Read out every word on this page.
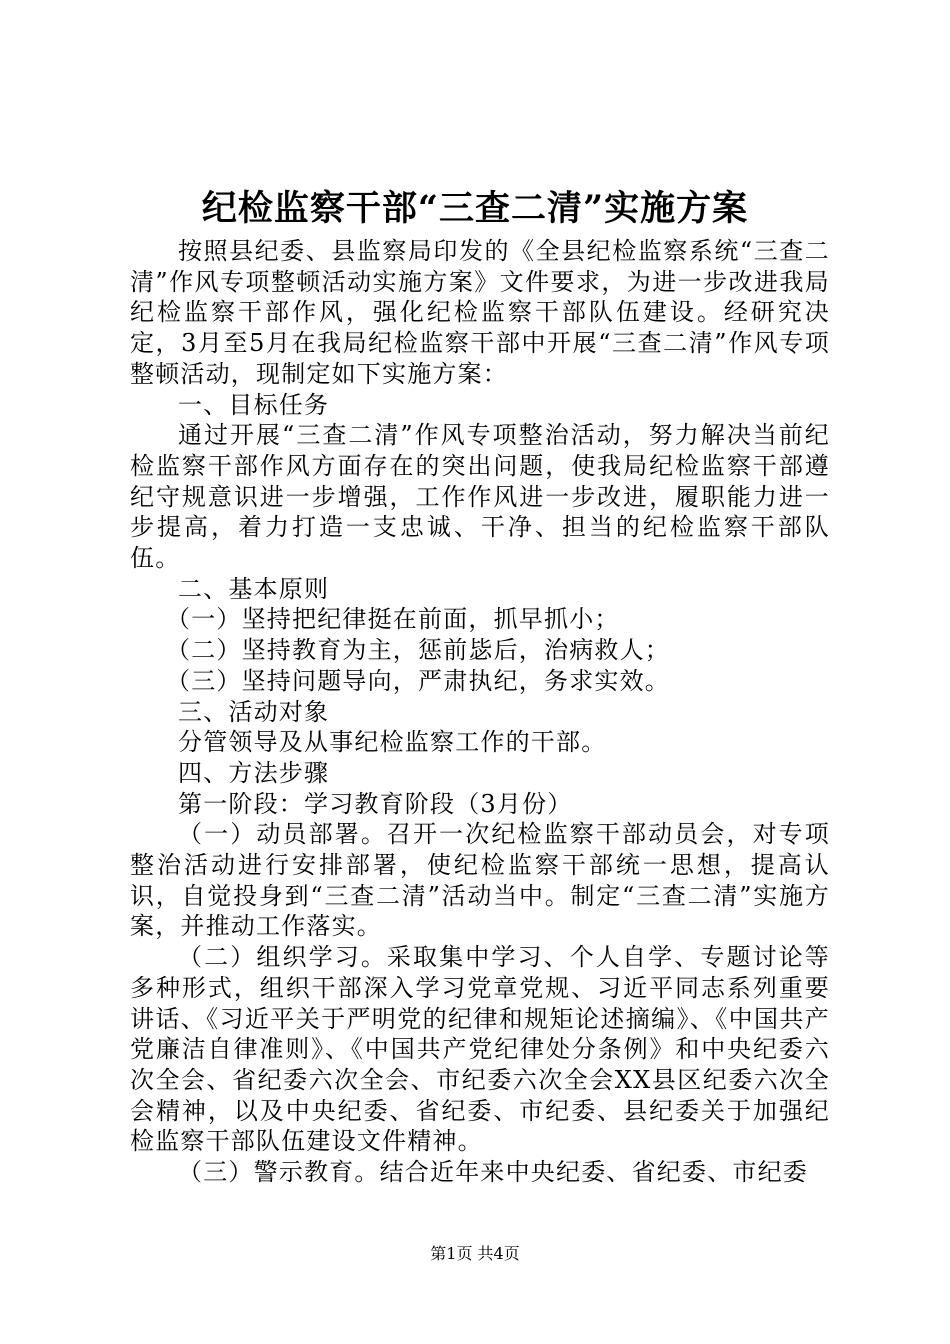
纪检监察干部“三查二清”实施方案

按照县纪委、县监察局印发的《全县纪检监察系统“三查二清”作风专项整顿活动实施方案》文件要求，为进一步改进我局纪检监察干部作风，强化纪检监察干部队伍建设。经研究决定，3月至5月在我局纪检监察干部中开展“三查二清”作风专项整顿活动，现制定如下实施方案：

一、目标任务

通过开展“三查二清”作风专项整治活动，努力解决当前纪检监察干部作风方面存在的突出问题，使我局纪检监察干部遵纪守规意识进一步增强，工作作风进一步改进，履职能力进一步提高，着力打造一支忠诚、干净、担当的纪检监察干部队伍。

二、基本原则

（一）坚持把纪律挺在前面，抓早抓小；

（二）坚持教育为主，惩前毖后，治病救人；

（三）坚持问题导向，严肃执纪，务求实效。

三、活动对象

分管领导及从事纪检监察工作的干部。

四、方法步骤

第一阶段：学习教育阶段（3月份）

（一）动员部署。召开一次纪检监察干部动员会，对专项整治活动进行安排部署，使纪检监察干部统一思想，提高认识，自觉投身到“三查二清”活动当中。制定“三查二清”实施方案，并推动工作落实。

（二）组织学习。采取集中学习、个人自学、专题讨论等多种形式，组织干部深入学习党章党规、习近平同志系列重要讲话、《习近平关于严明党的纪律和规矩论述摘编》、《中国共产党廉洁自律准则》、《中国共产党纪律处分条例》和中央纪委六次全会、省纪委六次全会、市纪委六次全会XX县区纪委六次全会精神，以及中央纪委、省纪委、市纪委、县纪委关于加强纪检监察干部队伍建设文件精神。

（三）警示教育。结合近年来中央纪委、省纪委、市纪委

第1页 共4页
